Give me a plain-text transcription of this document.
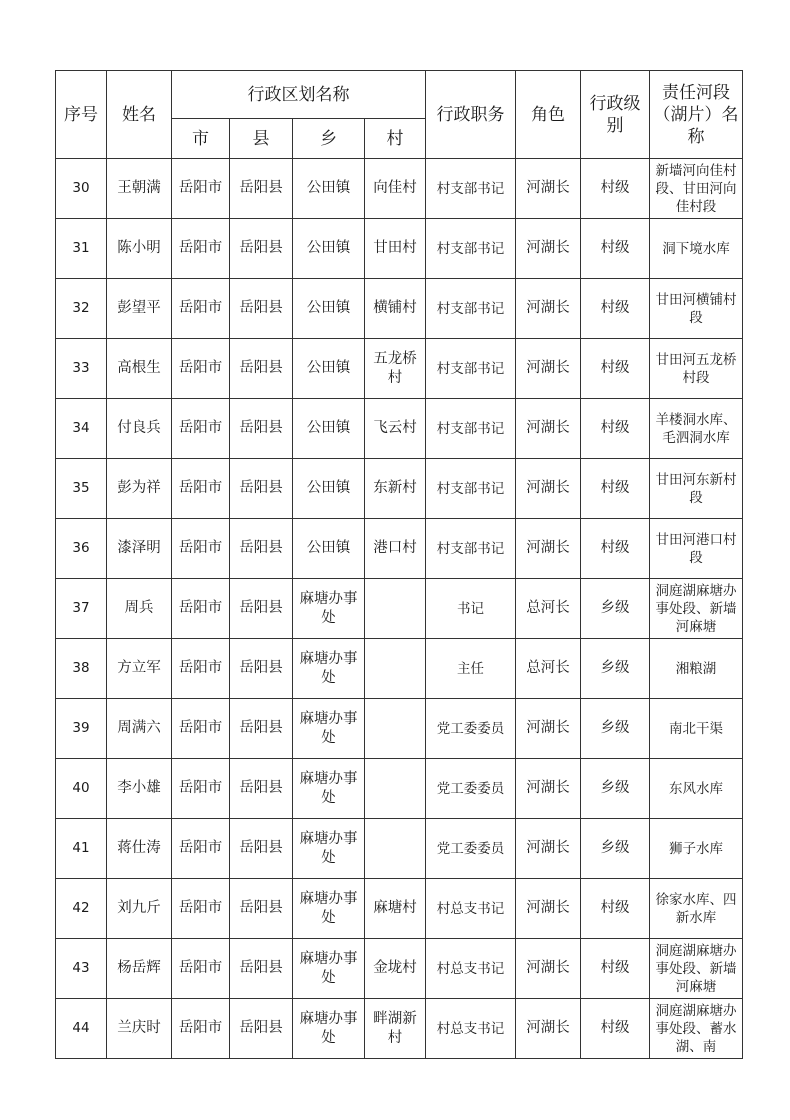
序号	姓名	行政区划名称				行政职务	角色	行政级别	责任河段（湖片）名称
		市	县	乡	村				

30	王朝满	岳阳市	岳阳县	公田镇	向佳村	村支部书记	河湖长	村级	新墙河向佳村段、甘田河向佳村段

31	陈小明	岳阳市	岳阳县	公田镇	甘田村	村支部书记	河湖长	村级	洞下境水库

32	彭望平	岳阳市	岳阳县	公田镇	横铺村	村支部书记	河湖长	村级	甘田河横铺村段

33	高根生	岳阳市	岳阳县	公田镇	五龙桥村	村支部书记	河湖长	村级	甘田河五龙桥村段

34	付良兵	岳阳市	岳阳县	公田镇	飞云村	村支部书记	河湖长	村级	羊楼洞水库、毛泗洞水库

35	彭为祥	岳阳市	岳阳县	公田镇	东新村	村支部书记	河湖长	村级	甘田河东新村段

36	漆泽明	岳阳市	岳阳县	公田镇	港口村	村支部书记	河湖长	村级	甘田河港口村段

37	周兵	岳阳市	岳阳县	麻塘办事处		书记	总河长	乡级	洞庭湖麻塘办事处段、新墙河麻塘

38	方立军	岳阳市	岳阳县	麻塘办事处		主任	总河长	乡级	湘粮湖

39	周满六	岳阳市	岳阳县	麻塘办事处		党工委委员	河湖长	乡级	南北干渠

40	李小雄	岳阳市	岳阳县	麻塘办事处		党工委委员	河湖长	乡级	东风水库

41	蒋仕涛	岳阳市	岳阳县	麻塘办事处		党工委委员	河湖长	乡级	狮子水库

42	刘九斤	岳阳市	岳阳县	麻塘办事处	麻塘村	村总支书记	河湖长	村级	徐家水库、四新水库

43	杨岳辉	岳阳市	岳阳县	麻塘办事处	金垅村	村总支书记	河湖长	村级	洞庭湖麻塘办事处段、新墙河麻塘

44	兰庆时	岳阳市	岳阳县	麻塘办事处	畔湖新村	村总支书记	河湖长	村级	洞庭湖麻塘办事处段、蓄水湖、南
